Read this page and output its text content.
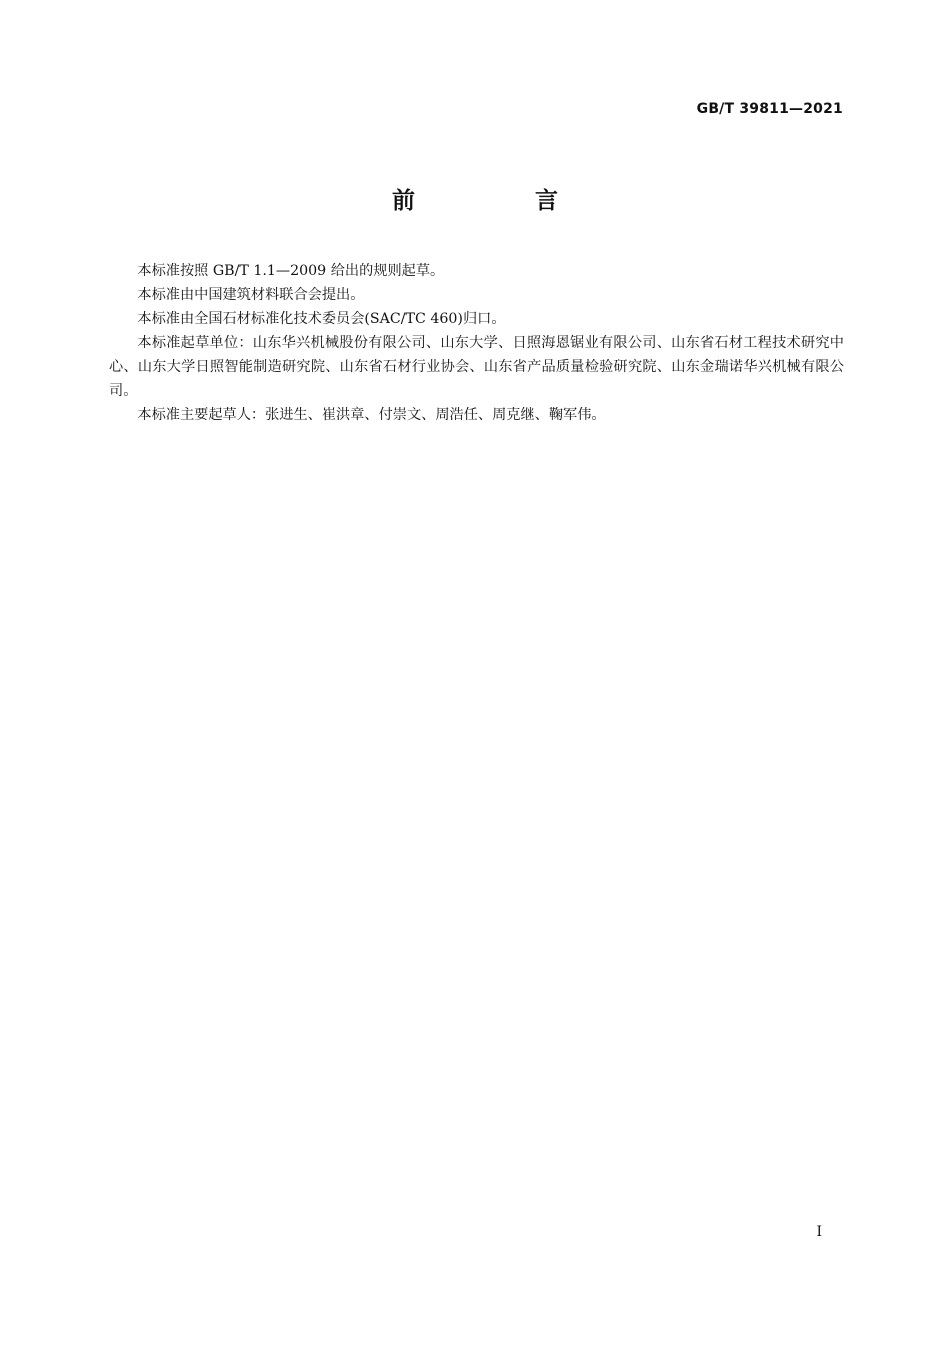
GB/T 39811—2021
前 言

本标准按照 GB/T 1.1—2009 给出的规则起草。

本标准由中国建筑材料联合会提出。

本标准由全国石材标准化技术委员会(SAC/TC 460)归口。

本标准起草单位：山东华兴机械股份有限公司、山东大学、日照海恩锯业有限公司、山东省石材工程技术研究中心、山东大学日照智能制造研究院、山东省石材行业协会、山东省产品质量检验研究院、山东金瑞诺华兴机械有限公司。

本标准主要起草人：张进生、崔洪章、付崇文、周浩任、周克继、鞠军伟。

I
